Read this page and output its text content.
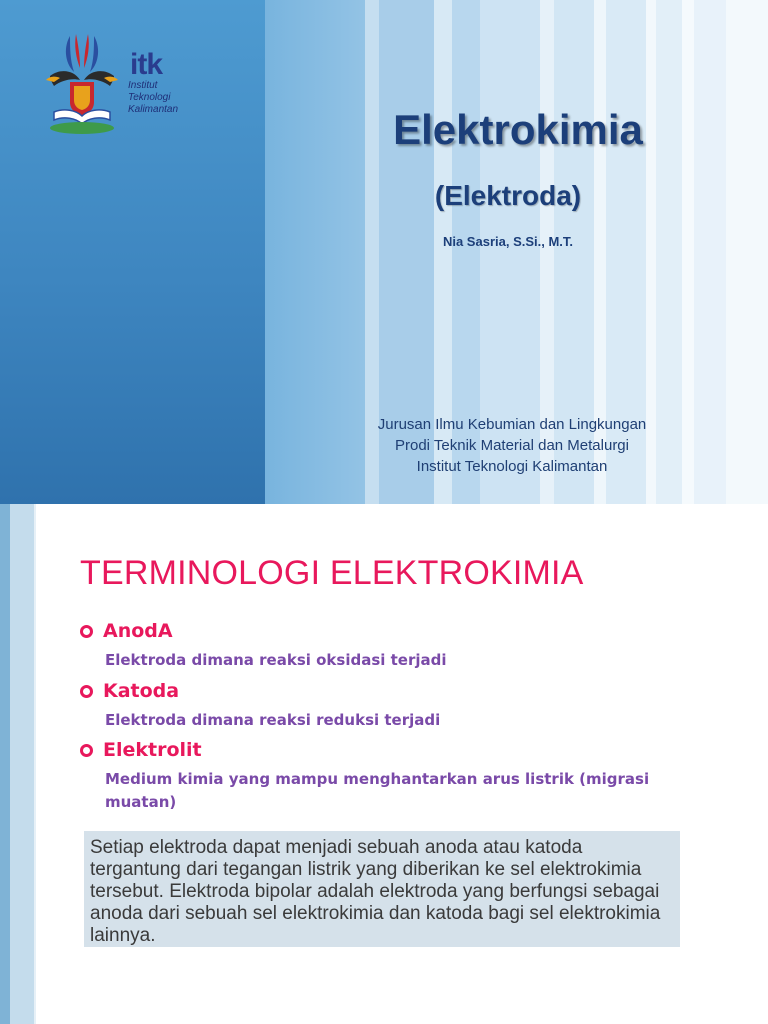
itk
Institut
Teknologi
Kalimantan	Elektrokimia
(Elektroda)
Nia Sasria, S.Si., M.T.
Jurusan Ilmu Kebumian dan Lingkungan
Prodi Teknik Material dan Metalurgi
Institut Teknologi Kalimantan
TERMINOLOGI ELEKTROKIMIA
AnodA
Elektroda dimana reaksi oksidasi terjadi
Katoda
Elektroda dimana reaksi reduksi terjadi
Elektrolit
Medium kimia yang mampu menghantarkan arus listrik (migrasi muatan)
Setiap elektroda dapat menjadi sebuah anoda atau katoda tergantung dari tegangan listrik yang diberikan ke sel elektrokimia tersebut. Elektroda bipolar adalah elektroda yang berfungsi sebagai anoda dari sebuah sel elektrokimia dan katoda bagi sel elektrokimia lainnya.
